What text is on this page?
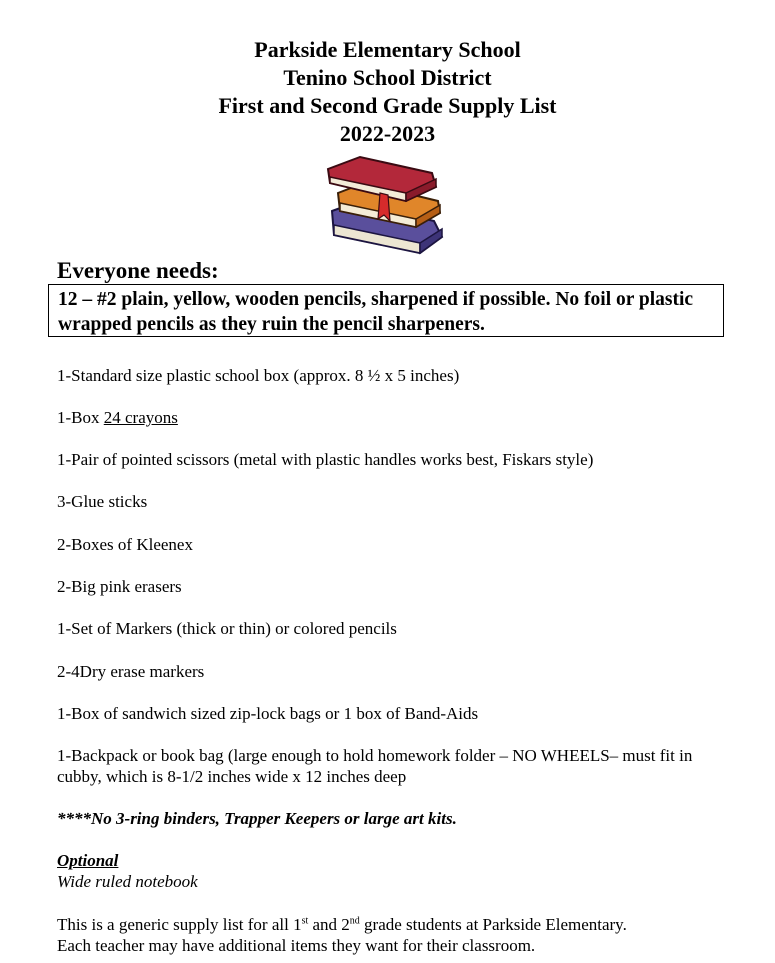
Parkside Elementary School
Tenino School District
First and Second Grade Supply List
2022-2023
Everyone needs:
12 – #2 plain, yellow, wooden pencils, sharpened if possible. No foil or plastic wrapped pencils as they ruin the pencil sharpeners.
1-Standard size plastic school box (approx. 8 ½ x 5 inches)
1-Box 24 crayons
1-Pair of pointed scissors (metal with plastic handles works best, Fiskars style)
3-Glue sticks
2-Boxes of Kleenex
2-Big pink erasers
1-Set of Markers (thick or thin) or colored pencils
2-4Dry erase markers
1-Box of sandwich sized zip-lock bags or 1 box of Band-Aids
1-Backpack or book bag (large enough to hold homework folder – NO WHEELS– must fit in cubby, which is 8-1/2 inches wide x 12 inches deep
****No 3-ring binders, Trapper Keepers or large art kits.
Optional
Wide ruled notebook
This is a generic supply list for all 1st and 2nd grade students at Parkside Elementary.
Each teacher may have additional items they want for their classroom.
